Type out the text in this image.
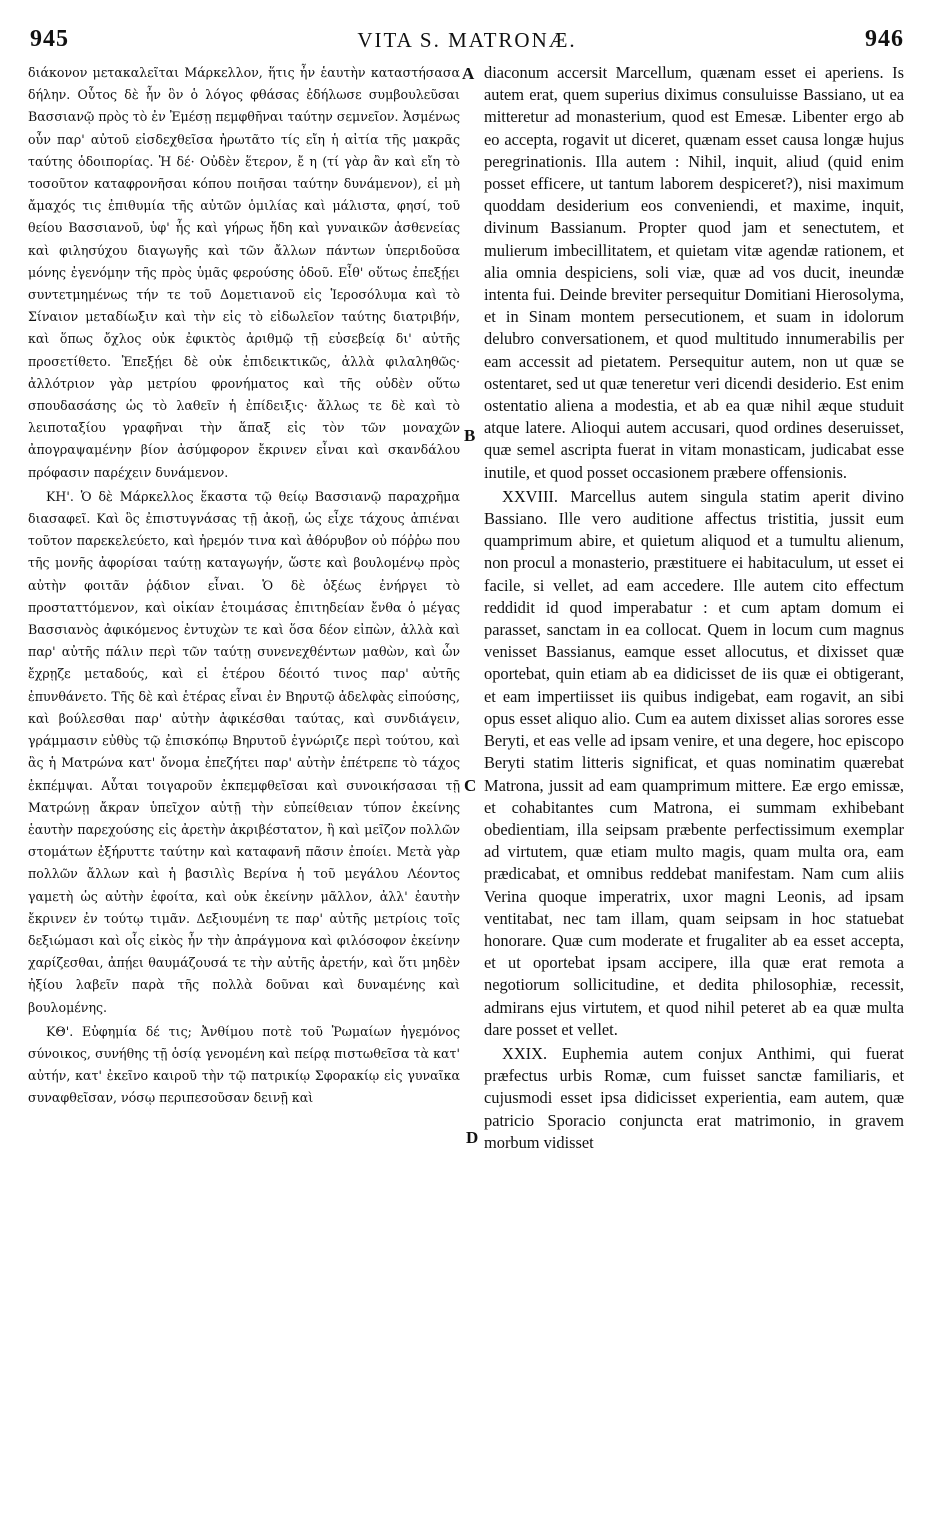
945	VITA S. MATRONÆ.	946

διάκονον μετακαλεῖται Μάρκελλον, ἥτις ἦν ἑαυτὴν καταστήσασα δήλην. Οὗτος δὲ ἦν ὃν ὁ λόγος φθάσας ἐδήλωσε συμβουλεῦσαι Βασσιανῷ πρὸς τὸ ἐν Ἐμέσῃ πεμφθῆναι ταύτην σεμνεῖον. Ἀσμένως οὖν παρ' αὐτοῦ εἰσδεχθεῖσα ἠρωτᾶτο τίς εἴη ἡ αἰτία τῆς μακρᾶς ταύτης ὁδοιπορίας. Ἡ δέ· Οὐδὲν ἕτερον, ἔ η (τί γὰρ ἂν καὶ εἴη τὸ τοσοῦτον καταφρονῆσαι κόπου ποιῆσαι ταύτην δυνάμενον), εἰ μὴ ἄμαχός τις ἐπιθυμία τῆς αὐτῶν ὁμιλίας καὶ μάλιστα, φησί, τοῦ θείου Βασσιανοῦ, ὑφ' ἧς καὶ γήρως ἤδη καὶ γυναικῶν ἀσθενείας καὶ φιλησύχου διαγωγῆς καὶ τῶν ἄλλων πάντων ὑπεριδοῦσα μόνης ἐγενόμην τῆς πρὸς ὑμᾶς φερούσης ὁδοῦ. Εἶθ' οὕτως ἐπεξῄει συντετμημένως τήν τε τοῦ Δομετιανοῦ εἰς Ἱεροσόλυμα καὶ τὸ Σίναιον μεταδίωξιν καὶ τὴν εἰς τὸ εἰδωλεῖον ταύτης διατριβήν, καὶ ὅπως ὄχλος οὐκ ἐφικτὸς ἀριθμῷ τῇ εὐσεβείᾳ δι' αὐτῆς προσετίθετο. Ἐπεξῄει δὲ οὐκ ἐπιδεικτικῶς, ἀλλὰ φιλαληθῶς· ἀλλότριον γὰρ μετρίου φρονήματος καὶ τῆς οὐδὲν οὕτω σπουδασάσης ὡς τὸ λαθεῖν ἡ ἐπίδειξις· ἄλλως τε δὲ καὶ τὸ λειποταξίου γραφῆναι τὴν ἅπαξ εἰς τὸν τῶν μοναχῶν ἀπογραψαμένην βίον ἀσύμφορον ἔκρινεν εἶναι καὶ σκανδάλου πρόφασιν παρέχειν δυνάμενον.

ΚΗ'. Ὁ δὲ Μάρκελλος ἕκαστα τῷ θείῳ Βασσιανῷ παραχρῆμα διασαφεῖ. Καὶ ὃς ἐπιστυγνάσας τῇ ἀκοῇ, ὡς εἶχε τάχους ἀπιέναι τοῦτον παρεκελεύετο, καὶ ἠρεμόν τινα καὶ ἀθόρυβον οὐ πόῤῥω που τῆς μονῆς ἀφορίσαι ταύτῃ καταγωγήν, ὥστε καὶ βουλομένῳ πρὸς αὐτὴν φοιτᾶν ῥᾴδιον εἶναι. Ὁ δὲ ὀξέως ἐνήργει τὸ προσταττόμενον, καὶ οἰκίαν ἑτοιμάσας ἐπιτηδείαν ἔνθα ὁ μέγας Βασσιανὸς ἀφικόμενος ἐντυχὼν τε καὶ ὅσα δέον εἰπὼν, ἀλλὰ καὶ παρ' αὐτῆς πάλιν περὶ τῶν ταύτῃ συνενεχθέντων μαθὼν, καὶ ὧν ἔχρῃζε μεταδούς, καὶ εἰ ἑτέρου δέοιτό τινος παρ' αὐτῆς ἐπυνθάνετο. Τῆς δὲ καὶ ἑτέρας εἶναι ἐν Βηρυτῷ ἀδελφὰς εἰπούσης, καὶ βούλεσθαι παρ' αὐτὴν ἀφικέσθαι ταύτας, καὶ συνδιάγειν, γράμμασιν εὐθὺς τῷ ἐπισκόπῳ Βηρυτοῦ ἐγνώριζε περὶ τούτου, καὶ ἃς ἡ Ματρώνα κατ' ὄνομα ἐπεζήτει παρ' αὐτὴν ἐπέτρεπε τὸ τάχος ἐκπέμψαι. Αὗται τοιγαροῦν ἐκπεμφθεῖσαι καὶ συνοικήσασαι τῇ Ματρώνῃ ἄκραν ὑπεῖχον αὐτῇ τὴν εὐπείθειαν τύπον ἐκείνης ἑαυτὴν παρεχούσης εἰς ἀρετὴν ἀκριβέστατον, ἢ καὶ μεῖζον πολλῶν στομάτων ἐξήρυττε ταύτην καὶ καταφανῆ πᾶσιν ἐποίει. Μετὰ γὰρ πολλῶν ἄλλων καὶ ἡ βασιλὶς Βερίνα ἡ τοῦ μεγάλου Λέοντος γαμετὴ ὡς αὐτὴν ἐφοίτα, καὶ οὐκ ἐκείνην μᾶλλον, ἀλλ' ἑαυτὴν ἔκρινεν ἐν τούτῳ τιμᾶν. Δεξιουμένη τε παρ' αὐτῆς μετρίοις τοῖς δεξιώμασι καὶ οἷς εἰκὸς ἦν τὴν ἀπράγμονα καὶ φιλόσοφον ἐκείνην χαρίζεσθαι, ἀπῄει θαυμάζουσά τε τὴν αὐτῆς ἀρετήν, καὶ ὅτι μηδὲν ἠξίου λαβεῖν παρὰ τῆς πολλὰ δοῦναι καὶ δυναμένης καὶ βουλομένης.

ΚΘ'. Εὐφημία δέ τις; Ἀνθίμου ποτὲ τοῦ Ῥωμαίων ἡγεμόνος σύνοικος, συνήθης τῇ ὁσίᾳ γενομένη καὶ πείρᾳ πιστωθεῖσα τὰ κατ' αὐτήν, κατ' ἐκεῖνο καιροῦ τὴν τῷ πατρικίῳ Σφορακίῳ εἰς γυναῖκα συναφθεῖσαν, νόσῳ περιπεσοῦσαν δεινῇ καὶ

A
B
C
D

diaconum accersit Marcellum, quænam esset ei aperiens. Is autem erat, quem superius diximus consuluisse Bassiano, ut ea mitteretur ad monasterium, quod est Emesæ. Libenter ergo ab eo accepta, rogavit ut diceret, quænam esset causa longæ hujus peregrinationis. Illa autem : Nihil, inquit, aliud (quid enim posset efficere, ut tantum laborem despiceret?), nisi maximum quoddam desiderium eos conveniendi, et maxime, inquit, divinum Bassianum. Propter quod jam et senectutem, et mulierum imbecillitatem, et quietam vitæ agendæ rationem, et alia omnia despiciens, soli viæ, quæ ad vos ducit, ineundæ intenta fui. Deinde breviter persequitur Domitiani Hierosolyma, et in Sinam montem persecutionem, et suam in idolorum delubro conversationem, et quod multitudo innumerabilis per eam accessit ad pietatem. Persequitur autem, non ut quæ se ostentaret, sed ut quæ teneretur veri dicendi desiderio. Est enim ostentatio aliena a modestia, et ab ea quæ nihil æque studuit atque latere. Alioqui autem accusari, quod ordines deseruisset, quæ semel ascripta fuerat in vitam monasticam, judicabat esse inutile, et quod posset occasionem præbere offensionis.

XXVIII. Marcellus autem singula statim aperit divino Bassiano. Ille vero auditione affectus tristitia, jussit eum quamprimum abire, et quietum aliquod et a tumultu alienum, non procul a monasterio, præstituere ei habitaculum, ut esset ei facile, si vellet, ad eam accedere. Ille autem cito effectum reddidit id quod imperabatur : et cum aptam domum ei parasset, sanctam in ea collocat. Quem in locum cum magnus venisset Bassianus, eamque esset allocutus, et dixisset quæ oportebat, quin etiam ab ea didicisset de iis quæ ei obtigerant, et eam impertiisset iis quibus indigebat, eam rogavit, an sibi opus esset aliquo alio. Cum ea autem dixisset alias sorores esse Beryti, et eas velle ad ipsam venire, et una degere, hoc episcopo Beryti statim litteris significat, et quas nominatim quærebat Matrona, jussit ad eam quamprimum mittere. Eæ ergo emissæ, et cohabitantes cum Matrona, ei summam exhibebant obedientiam, illa seipsam præbente perfectissimum exemplar ad virtutem, quæ etiam multo magis, quam multa ora, eam prædicabat, et omnibus reddebat manifestam. Nam cum aliis Verina quoque imperatrix, uxor magni Leonis, ad ipsam ventitabat, nec tam illam, quam seipsam in hoc statuebat honorare. Quæ cum moderate et frugaliter ab ea esset accepta, et ut oportebat ipsam accipere, illa quæ erat remota a negotiorum sollicitudine, et dedita philosophiæ, recessit, admirans ejus virtutem, et quod nihil peteret ab ea quæ multa dare posset et vellet.

XXIX. Euphemia autem conjux Anthimi, qui fuerat præfectus urbis Romæ, cum fuisset sanctæ familiaris, et cujusmodi esset ipsa didicisset experientia, eam autem, quæ patricio Sporacio conjuncta erat matrimonio, in gravem morbum vidisset
